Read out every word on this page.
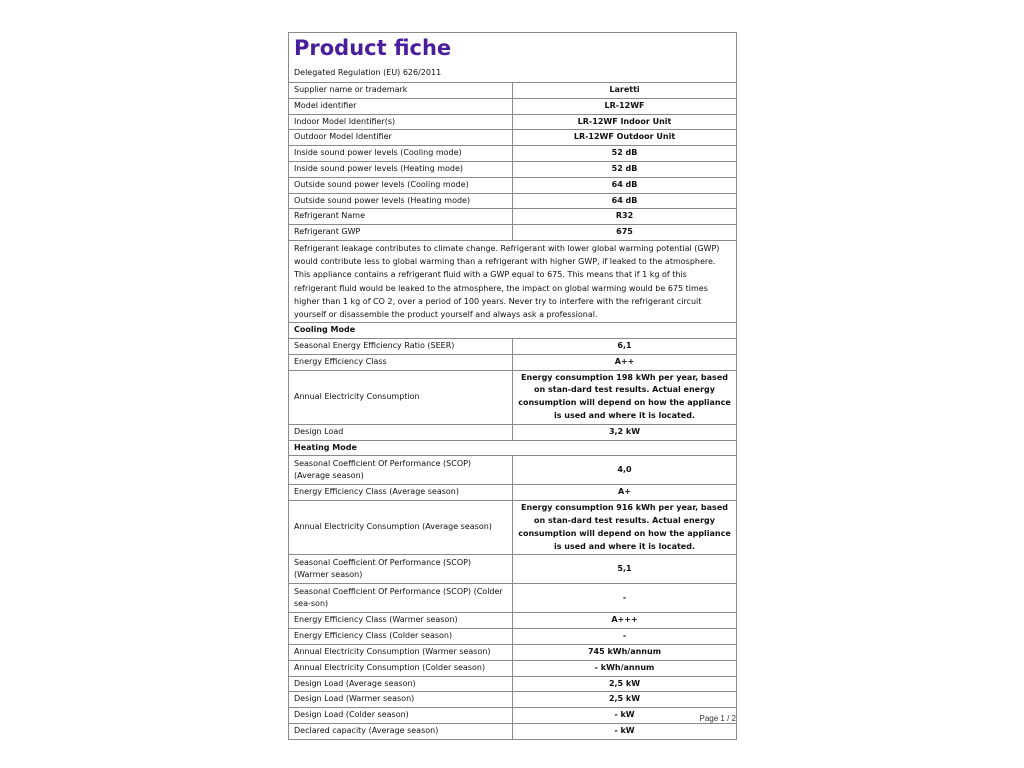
Product fiche
Delegated Regulation (EU) 626/2011	

Supplier name or trademark	Laretti
Model identifier	LR-12WF
Indoor Model Identifier(s)	LR-12WF Indoor Unit
Outdoor Model Identifier	LR-12WF Outdoor Unit
Inside sound power levels (Cooling mode)	52 dB
Inside sound power levels (Heating mode)	52 dB
Outside sound power levels (Cooling mode)	64 dB
Outside sound power levels (Heating mode)	64 dB
Refrigerant Name	R32
Refrigerant GWP	675
Refrigerant leakage contributes to climate change. Refrigerant with lower global warming potential (GWP) would contribute less to global warming than a refrigerant with higher GWP, if leaked to the atmosphere. This appliance contains a refrigerant fluid with a GWP equal to 675. This means that if 1 kg of this refrigerant fluid would be leaked to the atmosphere, the impact on global warming would be 675 times higher than 1 kg of CO 2, over a period of 100 years. Never try to interfere with the refrigerant circuit yourself or disassemble the product yourself and always ask a professional.	
Cooling Mode	
Seasonal Energy Efficiency Ratio (SEER)	6,1
Energy Efficiency Class	A++
Annual Electricity Consumption	Energy consumption 198 kWh per year, based on stan-dard test results. Actual energy consumption will depend on how the appliance is used and where it is located.
Design Load	3,2 kW
Heating Mode	
Seasonal Coefficient Of Performance (SCOP) (Average season)	4,0
Energy Efficiency Class (Average season)	A+
Annual Electricity Consumption (Average season)	Energy consumption 916 kWh per year, based on stan-dard test results. Actual energy consumption will depend on how the appliance is used and where it is located.
Seasonal Coefficient Of Performance (SCOP) (Warmer season)	5,1
Seasonal Coefficient Of Performance (SCOP) (Colder sea-son)	-
Energy Efficiency Class (Warmer season)	A+++
Energy Efficiency Class (Colder season)	-
Annual Electricity Consumption (Warmer season)	745 kWh/annum
Annual Electricity Consumption (Colder season)	- kWh/annum
Design Load (Average season)	2,5 kW
Design Load (Warmer season)	2,5 kW
Design Load (Colder season)	- kW
Declared capacity (Average season)	- kW
Page 1 / 2
